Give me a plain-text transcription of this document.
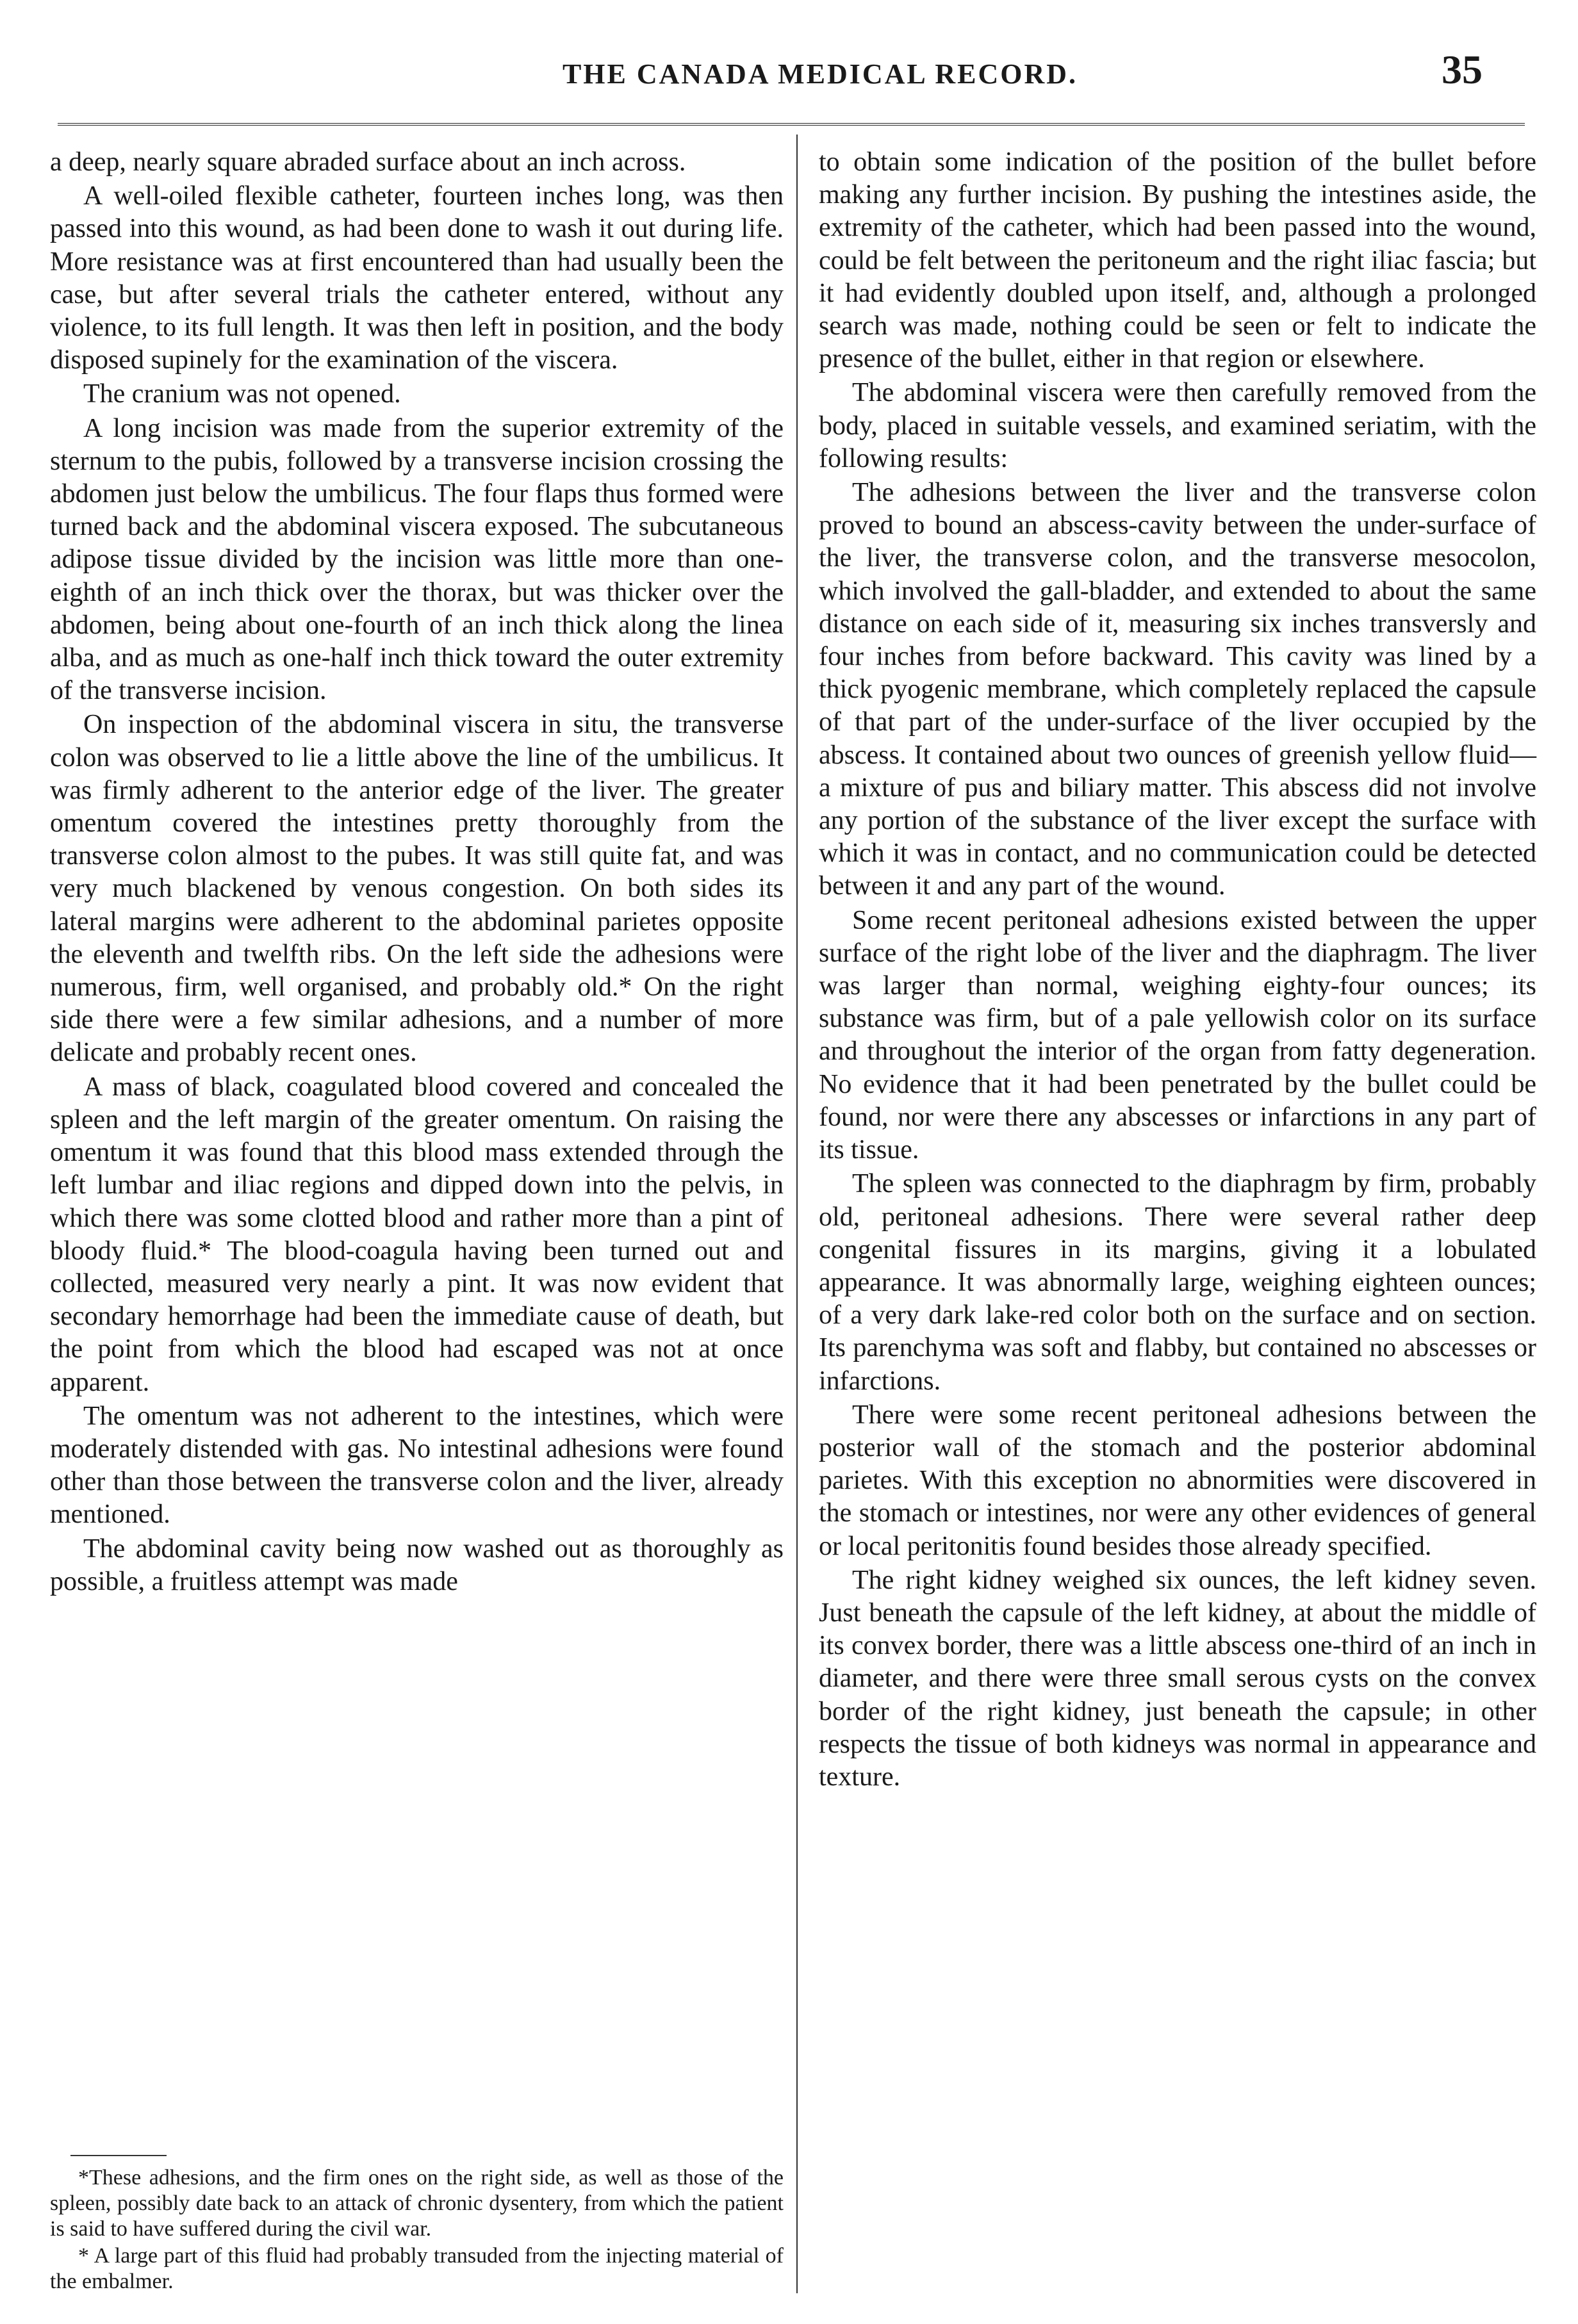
THE CANADA MEDICAL RECORD.	35

a deep, nearly square abraded surface about an inch across.

A well-oiled flexible catheter, fourteen inches long, was then passed into this wound, as had been done to wash it out during life. More resistance was at first encountered than had usually been the case, but after several trials the catheter entered, without any violence, to its full length. It was then left in position, and the body disposed supinely for the examination of the viscera.

The cranium was not opened.

A long incision was made from the superior extremity of the sternum to the pubis, followed by a transverse incision crossing the abdomen just below the umbilicus. The four flaps thus formed were turned back and the abdominal viscera exposed. The subcutaneous adipose tissue divided by the incision was little more than one-eighth of an inch thick over the thorax, but was thicker over the abdomen, being about one-fourth of an inch thick along the linea alba, and as much as one-half inch thick toward the outer extremity of the transverse incision.

On inspection of the abdominal viscera in situ, the transverse colon was observed to lie a little above the line of the umbilicus. It was firmly adherent to the anterior edge of the liver. The greater omentum covered the intestines pretty thoroughly from the transverse colon almost to the pubes. It was still quite fat, and was very much blackened by venous congestion. On both sides its lateral margins were adherent to the abdominal parietes opposite the eleventh and twelfth ribs. On the left side the adhesions were numerous, firm, well organised, and probably old.* On the right side there were a few similar adhesions, and a number of more delicate and probably recent ones.

A mass of black, coagulated blood covered and concealed the spleen and the left margin of the greater omentum. On raising the omentum it was found that this blood mass extended through the left lumbar and iliac regions and dipped down into the pelvis, in which there was some clotted blood and rather more than a pint of bloody fluid.* The blood-coagula having been turned out and collected, measured very nearly a pint. It was now evident that secondary hemorrhage had been the immediate cause of death, but the point from which the blood had escaped was not at once apparent.

The omentum was not adherent to the intestines, which were moderately distended with gas. No intestinal adhesions were found other than those between the transverse colon and the liver, already mentioned.

The abdominal cavity being now washed out as thoroughly as possible, a fruitless attempt was made

*These adhesions, and the firm ones on the right side, as well as those of the spleen, possibly date back to an attack of chronic dysentery, from which the patient is said to have suffered during the civil war.

* A large part of this fluid had probably transuded from the injecting material of the embalmer.

to obtain some indication of the position of the bullet before making any further incision. By pushing the intestines aside, the extremity of the catheter, which had been passed into the wound, could be felt between the peritoneum and the right iliac fascia; but it had evidently doubled upon itself, and, although a prolonged search was made, nothing could be seen or felt to indicate the presence of the bullet, either in that region or elsewhere.

The abdominal viscera were then carefully removed from the body, placed in suitable vessels, and examined seriatim, with the following results:

The adhesions between the liver and the transverse colon proved to bound an abscess-cavity between the under-surface of the liver, the transverse colon, and the transverse mesocolon, which involved the gall-bladder, and extended to about the same distance on each side of it, measuring six inches transversly and four inches from before backward. This cavity was lined by a thick pyogenic membrane, which completely replaced the capsule of that part of the under-surface of the liver occupied by the abscess. It contained about two ounces of greenish yellow fluid—a mixture of pus and biliary matter. This abscess did not involve any portion of the substance of the liver except the surface with which it was in contact, and no communication could be detected between it and any part of the wound.

Some recent peritoneal adhesions existed between the upper surface of the right lobe of the liver and the diaphragm. The liver was larger than normal, weighing eighty-four ounces; its substance was firm, but of a pale yellowish color on its surface and throughout the interior of the organ from fatty degeneration. No evidence that it had been penetrated by the bullet could be found, nor were there any abscesses or infarctions in any part of its tissue.

The spleen was connected to the diaphragm by firm, probably old, peritoneal adhesions. There were several rather deep congenital fissures in its margins, giving it a lobulated appearance. It was abnormally large, weighing eighteen ounces; of a very dark lake-red color both on the surface and on section. Its parenchyma was soft and flabby, but contained no abscesses or infarctions.

There were some recent peritoneal adhesions between the posterior wall of the stomach and the posterior abdominal parietes. With this exception no abnormities were discovered in the stomach or intestines, nor were any other evidences of general or local peritonitis found besides those already specified.

The right kidney weighed six ounces, the left kidney seven. Just beneath the capsule of the left kidney, at about the middle of its convex border, there was a little abscess one-third of an inch in diameter, and there were three small serous cysts on the convex border of the right kidney, just beneath the capsule; in other respects the tissue of both kidneys was normal in appearance and texture.
